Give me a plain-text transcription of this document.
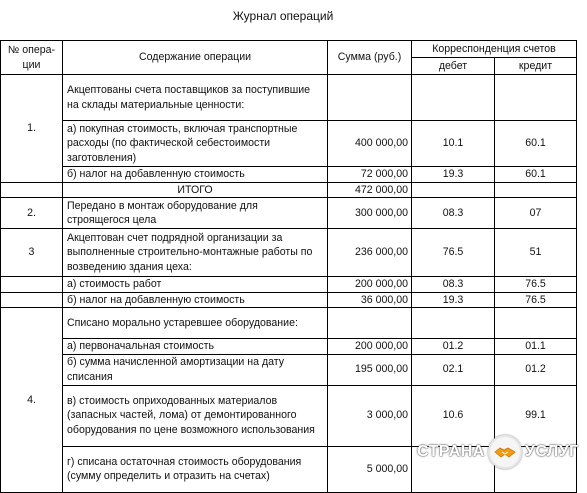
Журнал операций
№ опера-ции	Содержание операции	Сумма (руб.)	Корреспонденция счетов	
			дебет	кредит
1.	Акцептованы счета поставщиков за поступившие на склады материальные ценности:			
	а) покупная стоимость, включая транспортные расходы (по фактической себестоимости заготовления)	400 000,00	10.1	60.1
	б) налог на добавленную стоимость	72 000,00	19.3	60.1
	ИТОГО	472 000,00		
2.	Передано в монтаж оборудование для строящегося цела	300 000,00	08.3	07
3	Акцептован счет подрядной организации за выполненные строительно-монтажные работы по возведению здания цеха:	236 000,00	76.5	51
	а) стоимость работ	200 000,00	08.3	76.5
	б) налог на добавленную стоимость	36 000,00	19.3	76.5
4.	Списано морально устаревшее оборудование:			
	а) первоначальная стоимость	200 000,00	01.2	01.1
	б) сумма начисленной амортизации на дату списания	195 000,00	02.1	01.2
	в) стоимость оприходованных материалов (запасных частей, лома) от демонтированного оборудования по цене возможного использования	3 000,00	10.6	99.1
	г) списана остаточная стоимость оборудования (сумму определить и отразить на счетах)	5 000,00		
СТРАНА	УСЛУГ
